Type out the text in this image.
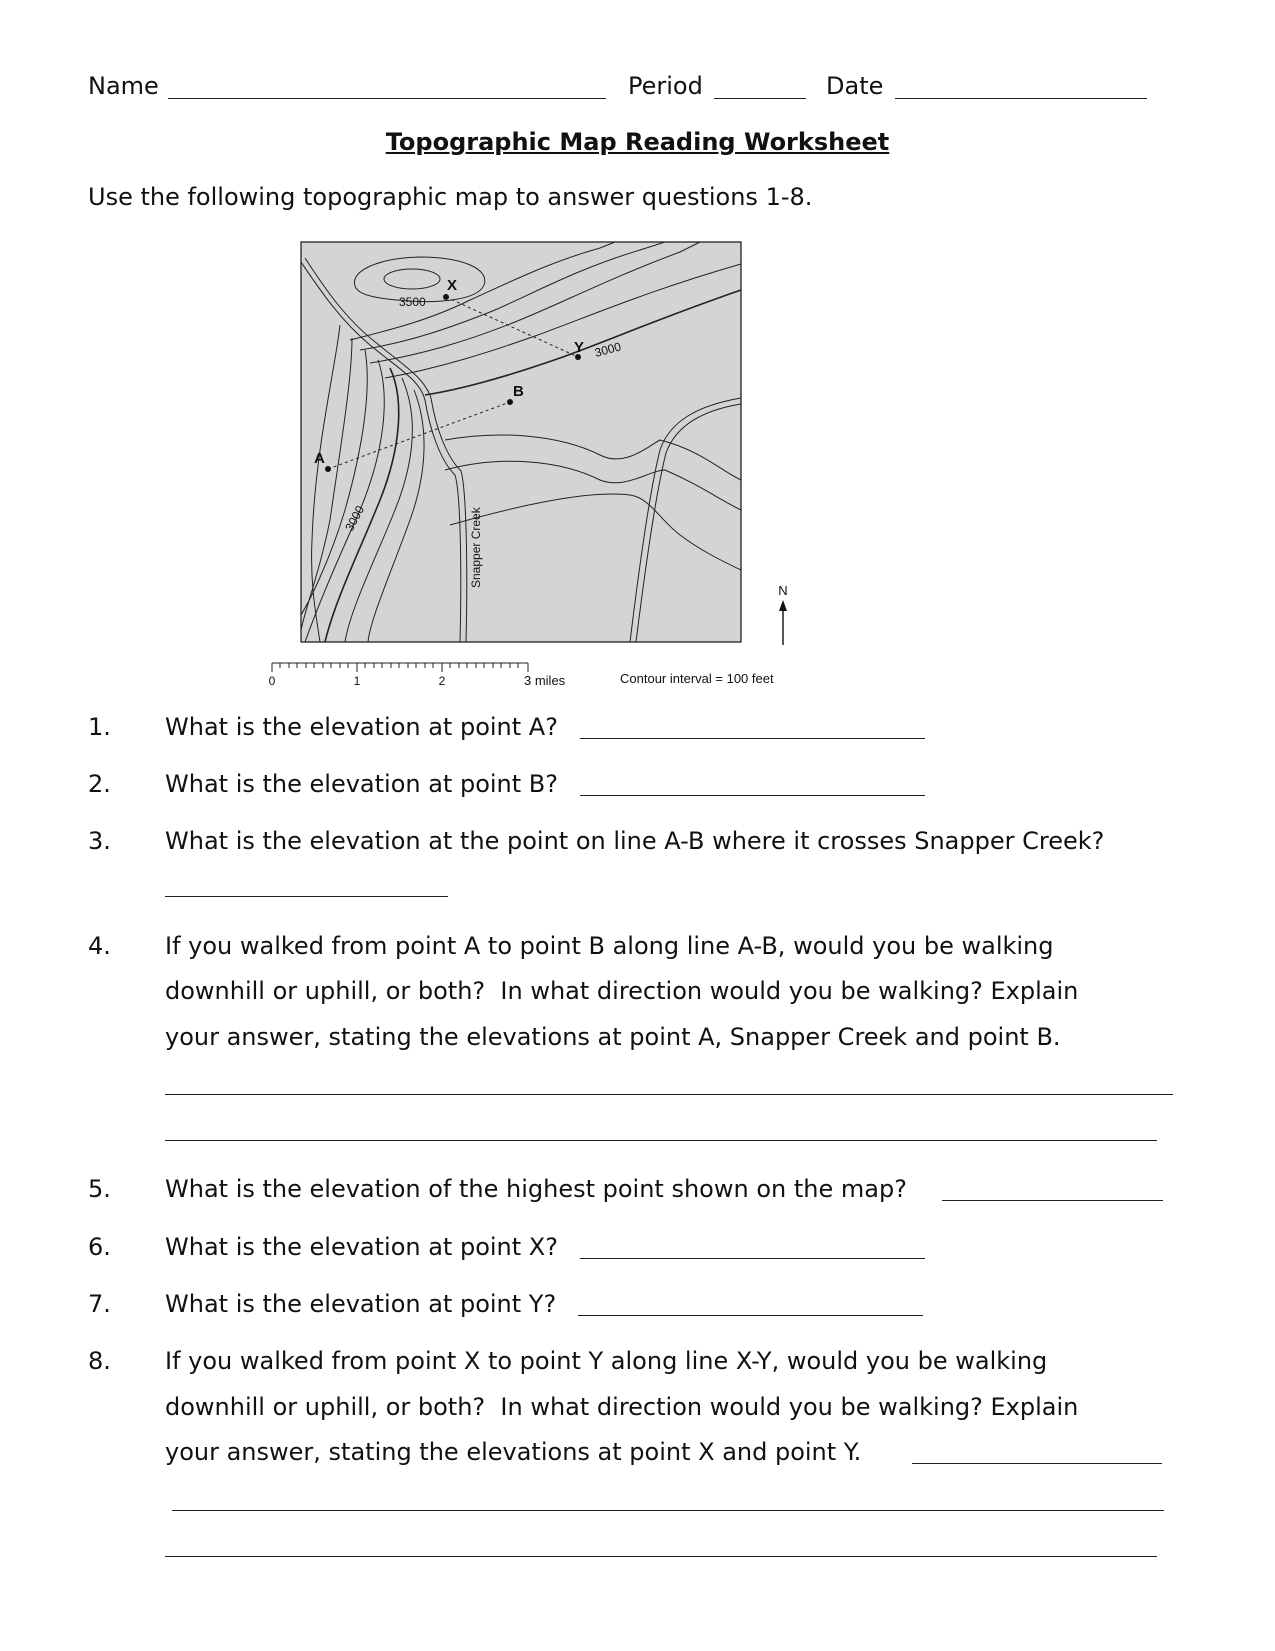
Name	Period	Date
Topographic Map Reading Worksheet
Use the following topographic map to answer questions 1-8.
X
Y
A
B
3500
3000
3000	Snapper Creek
N
0	1	2	3 miles	Contour interval = 100 feet
1. What is the elevation at point A?
2. What is the elevation at point B?
3. What is the elevation at the point on line A-B where it crosses Snapper Creek?
4. If you walked from point A to point B along line A-B, would you be walking
downhill or uphill, or both?  In what direction would you be walking? Explain
your answer, stating the elevations at point A, Snapper Creek and point B.
5. What is the elevation of the highest point shown on the map?
6. What is the elevation at point X?
7. What is the elevation at point Y?
8. If you walked from point X to point Y along line X-Y, would you be walking
downhill or uphill, or both?  In what direction would you be walking? Explain
your answer, stating the elevations at point X and point Y.
